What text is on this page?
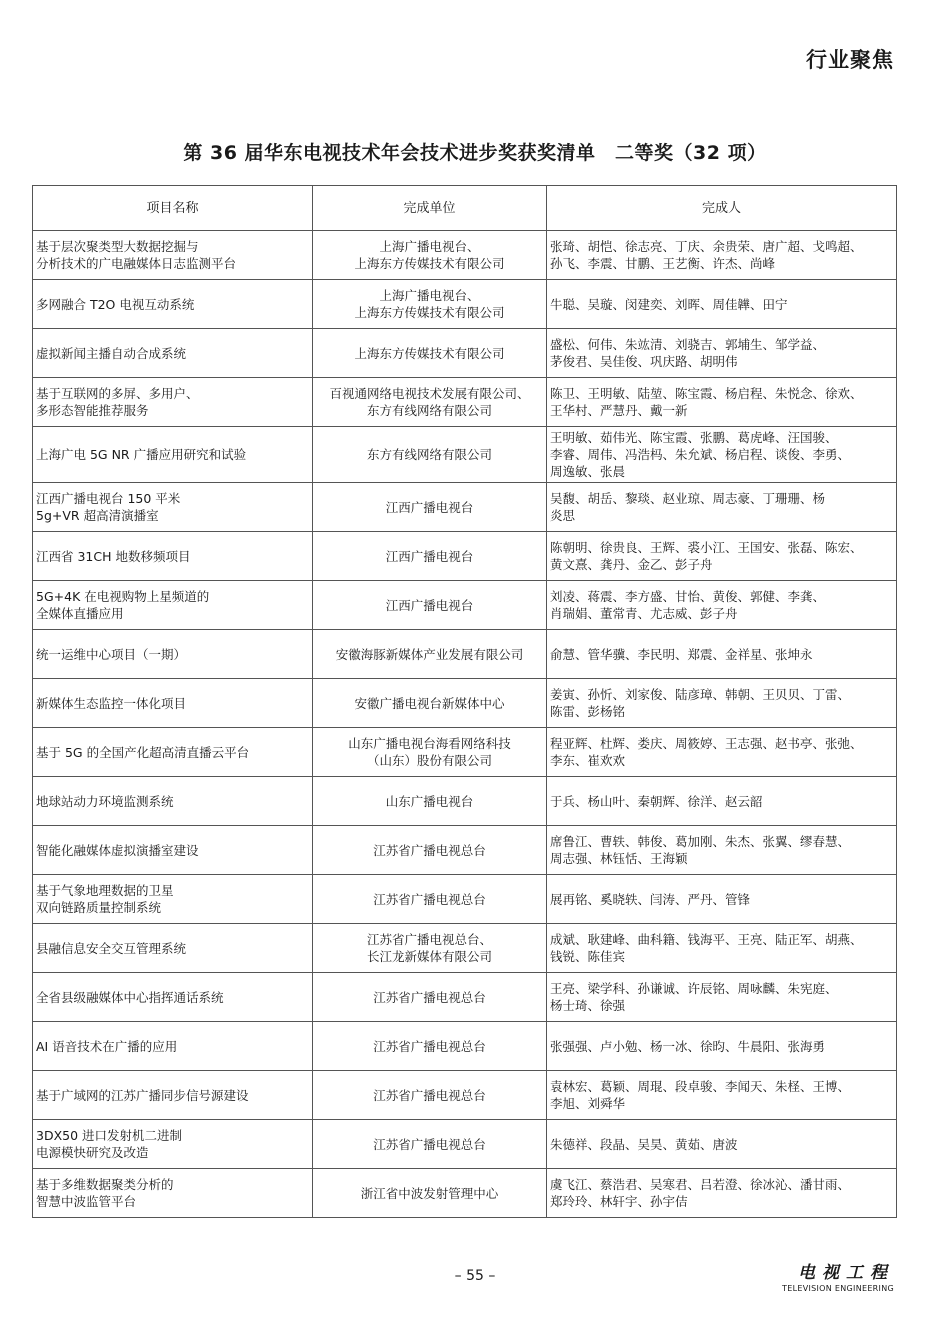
行业聚焦
第 36 届华东电视技术年会技术进步奖获奖清单　二等奖（32 项）
项目名称	完成单位	完成人

基于层次聚类型大数据挖掘与
分析技术的广电融媒体日志监测平台	上海广播电视台、
上海东方传媒技术有限公司	张琦、胡恺、徐志亮、丁庆、余贵荣、唐广超、戈鸣超、
孙飞、李震、甘鹏、王艺衡、许杰、尚峰

多网融合 T2O 电视互动系统	上海广播电视台、
上海东方传媒技术有限公司	牛聪、吴璇、闵建奕、刘晖、周佳韡、田宁

虚拟新闻主播自动合成系统	上海东方传媒技术有限公司	盛松、何伟、朱竑清、刘骁吉、郭埔生、邹学益、
茅俊君、吴佳俊、巩庆路、胡明伟

基于互联网的多屏、多用户、
多形态智能推荐服务	百视通网络电视技术发展有限公司、
东方有线网络有限公司	陈卫、王明敏、陆堃、陈宝霞、杨启程、朱悦念、徐欢、
王华村、严慧丹、戴一新

上海广电 5G NR 广播应用研究和试验	东方有线网络有限公司	王明敏、茹伟光、陈宝霞、张鹏、葛虎峰、汪国骏、
李睿、周伟、冯浩杩、朱允斌、杨启程、谈俊、李勇、
周逸敏、张晨

江西广播电视台 150 平米
5g+VR 超高清演播室	江西广播电视台	吴馥、胡岳、黎琰、赵业琼、周志豪、丁珊珊、杨
炎思

江西省 31CH 地数移频项目	江西广播电视台	陈朝明、徐贵良、王辉、裘小江、王国安、张磊、陈宏、
黄文熹、龚丹、金乙、彭子舟

5G+4K 在电视购物上星频道的
全媒体直播应用	江西广播电视台	刘凌、蒋震、李方盛、甘怡、黄俊、郭健、李龚、
肖瑞娟、董常青、尤志威、彭子舟

统一运维中心项目（一期）	安徽海豚新媒体产业发展有限公司	俞慧、管华骥、李民明、郑震、金祥星、张坤永

新媒体生态监控一体化项目	安徽广播电视台新媒体中心	姜寅、孙忻、刘家俊、陆彦璋、韩朝、王贝贝、丁雷、
陈雷、彭杨铭

基于 5G 的全国产化超高清直播云平台	山东广播电视台海看网络科技
（山东）股份有限公司	程亚辉、杜辉、娄庆、周筱婷、王志强、赵书亭、张弛、
李东、崔欢欢

地球站动力环境监测系统	山东广播电视台	于兵、杨山叶、秦朝辉、徐洋、赵云韶

智能化融媒体虚拟演播室建设	江苏省广播电视总台	席鲁江、曹轶、韩俊、葛加刚、朱杰、张翼、缪春慧、
周志强、林钰恬、王海颖

基于气象地理数据的卫星
双向链路质量控制系统	江苏省广播电视总台	展再铭、奚晓轶、闫涛、严丹、管锋

县融信息安全交互管理系统	江苏省广播电视总台、
长江龙新媒体有限公司	成斌、耿建峰、曲科籍、钱海平、王亮、陆正军、胡燕、
钱锐、陈佳宾

全省县级融媒体中心指挥通话系统	江苏省广播电视总台	王亮、梁学科、孙谦诚、许辰铭、周咏麟、朱宪庭、
杨士琦、徐强

AI 语音技术在广播的应用	江苏省广播电视总台	张强强、卢小勉、杨一冰、徐昀、牛晨阳、张海勇

基于广域网的江苏广播同步信号源建设	江苏省广播电视总台	袁林宏、葛颖、周琨、段卓骏、李闻天、朱柽、王博、
李旭、刘舜华

3DX50 进口发射机二进制
电源模快研究及改造	江苏省广播电视总台	朱德祥、段晶、吴昊、黄茹、唐波

基于多维数据聚类分析的
智慧中波监管平台	浙江省中波发射管理中心	虞飞江、蔡浩君、吴寒君、吕若澄、徐冰沁、潘甘雨、
郑玲玲、林轩宇、孙宇佶
– 55 –	电视工程
TELEVISION ENGINEERING
